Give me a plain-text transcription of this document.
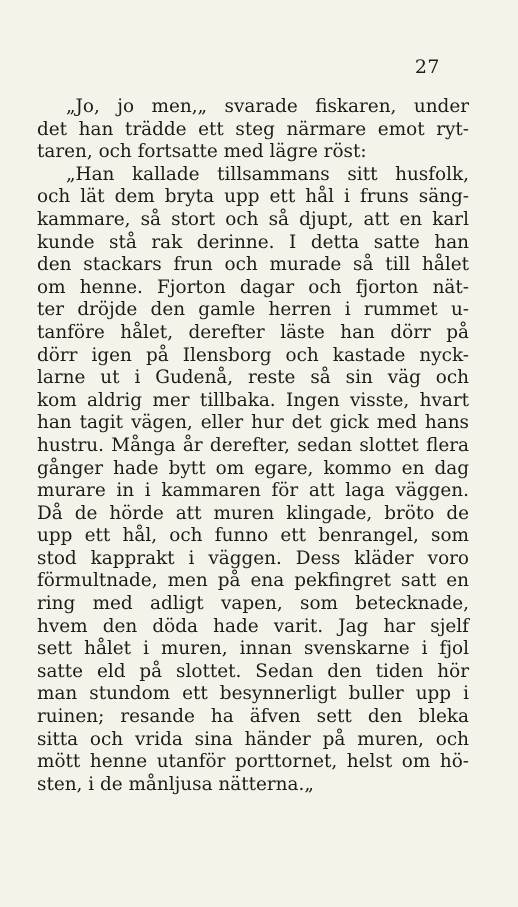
27
„Jo, jo men,„ svarade fiskaren, under
det han trädde ett steg närmare emot ryt-
taren, och fortsatte med lägre röst:
„Han kallade tillsammans sitt husfolk,
och lät dem bryta upp ett hål i fruns säng-
kammare, så stort och så djupt, att en karl
kunde stå rak derinne. I detta satte han
den stackars frun och murade så till hålet
om henne. Fjorton dagar och fjorton nät-
ter dröjde den gamle herren i rummet u-
tanföre hålet, derefter läste han dörr på
dörr igen på Ilensborg och kastade nyck-
larne ut i Gudenå, reste så sin väg och
kom aldrig mer tillbaka. Ingen visste, hvart
han tagit vägen, eller hur det gick med hans
hustru. Många år derefter, sedan slottet flera
gånger hade bytt om egare, kommo en dag
murare in i kammaren för att laga väggen.
Då de hörde att muren klingade, bröto de
upp ett hål, och funno ett benrangel, som
stod kapprakt i väggen. Dess kläder voro
förmultnade, men på ena pekfingret satt en
ring med adligt vapen, som betecknade,
hvem den döda hade varit. Jag har sjelf
sett hålet i muren, innan svenskarne i fjol
satte eld på slottet. Sedan den tiden hör
man stundom ett besynnerligt buller upp i
ruinen; resande ha äfven sett den bleka
sitta och vrida sina händer på muren, och
mött henne utanför porttornet, helst om hö-
sten, i de månljusa nätterna.„
